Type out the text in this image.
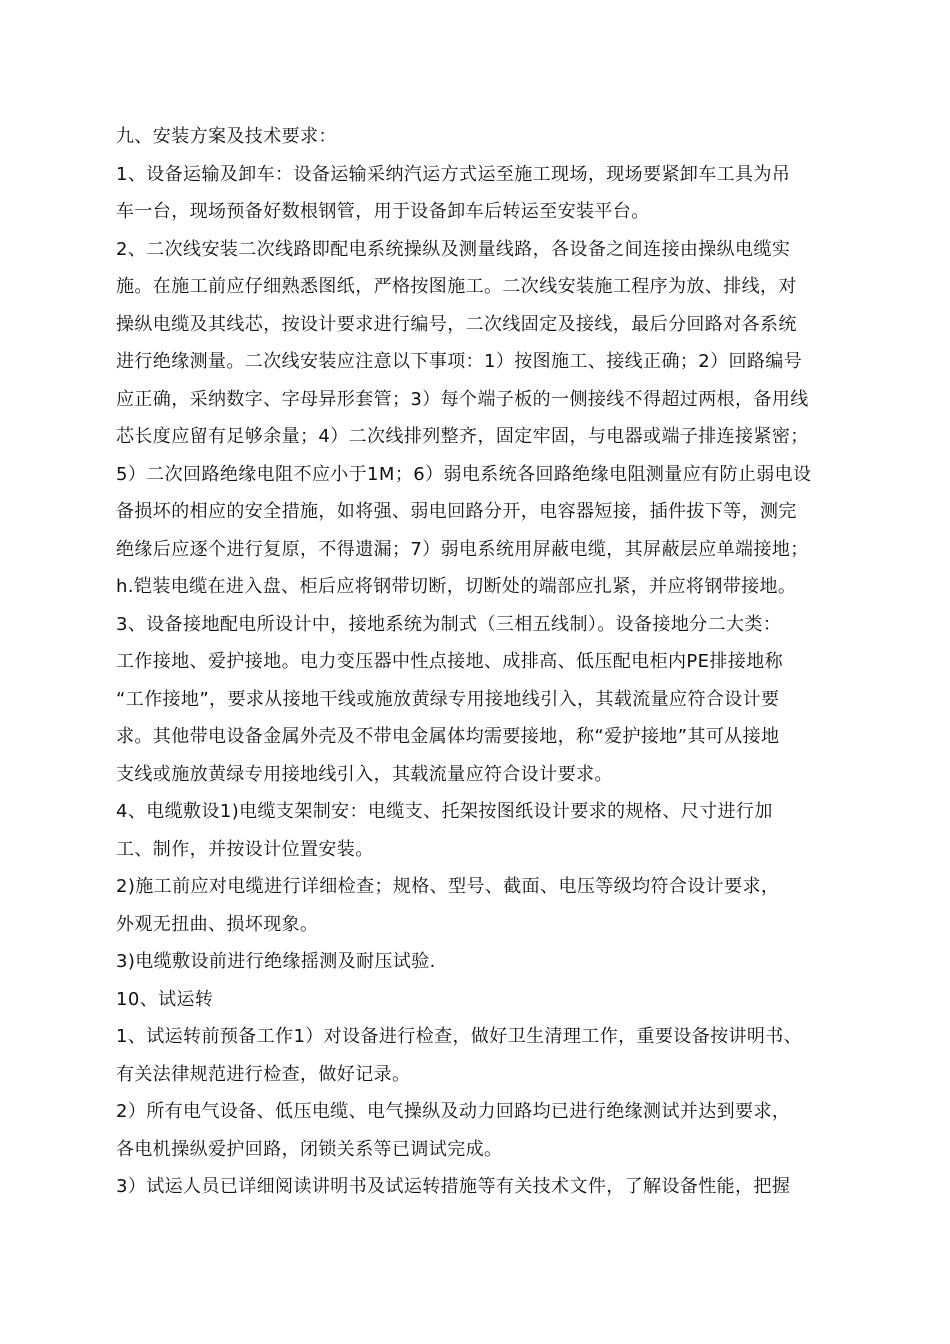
九、安装方案及技术要求：
1、设备运输及卸车：设备运输采纳汽运方式运至施工现场，现场要紧卸车工具为吊
车一台，现场预备好数根钢管，用于设备卸车后转运至安装平台。
2、二次线安装二次线路即配电系统操纵及测量线路，各设备之间连接由操纵电缆实
施。在施工前应仔细熟悉图纸，严格按图施工。二次线安装施工程序为放、排线，对
操纵电缆及其线芯，按设计要求进行编号，二次线固定及接线，最后分回路对各系统
进行绝缘测量。二次线安装应注意以下事项：1）按图施工、接线正确；2）回路编号
应正确，采纳数字、字母异形套管；3）每个端子板的一侧接线不得超过两根，备用线
芯长度应留有足够余量；4）二次线排列整齐，固定牢固，与电器或端子排连接紧密；
5）二次回路绝缘电阻不应小于1M；6）弱电系统各回路绝缘电阻测量应有防止弱电设
备损坏的相应的安全措施，如将强、弱电回路分开，电容器短接，插件拔下等，测完
绝缘后应逐个进行复原，不得遗漏；7）弱电系统用屏蔽电缆，其屏蔽层应单端接地；
h.铠装电缆在进入盘、柜后应将钢带切断，切断处的端部应扎紧，并应将钢带接地。
3、设备接地配电所设计中，接地系统为制式（三相五线制）。设备接地分二大类：
工作接地、爱护接地。电力变压器中性点接地、成排高、低压配电柜内PE排接地称
“工作接地”，要求从接地干线或施放黄绿专用接地线引入，其载流量应符合设计要
求。其他带电设备金属外壳及不带电金属体均需要接地，称“爱护接地”其可从接地
支线或施放黄绿专用接地线引入，其载流量应符合设计要求。
4、电缆敷设1)电缆支架制安：电缆支、托架按图纸设计要求的规格、尺寸进行加
工、制作，并按设计位置安装。
2)施工前应对电缆进行详细检查；规格、型号、截面、电压等级均符合设计要求，
外观无扭曲、损坏现象。
3)电缆敷设前进行绝缘摇测及耐压试验.
10、试运转
1、试运转前预备工作1）对设备进行检查，做好卫生清理工作，重要设备按讲明书、
有关法律规范进行检查，做好记录。
2）所有电气设备、低压电缆、电气操纵及动力回路均已进行绝缘测试并达到要求，
各电机操纵爱护回路，闭锁关系等已调试完成。
3）试运人员已详细阅读讲明书及试运转措施等有关技术文件，了解设备性能，把握
